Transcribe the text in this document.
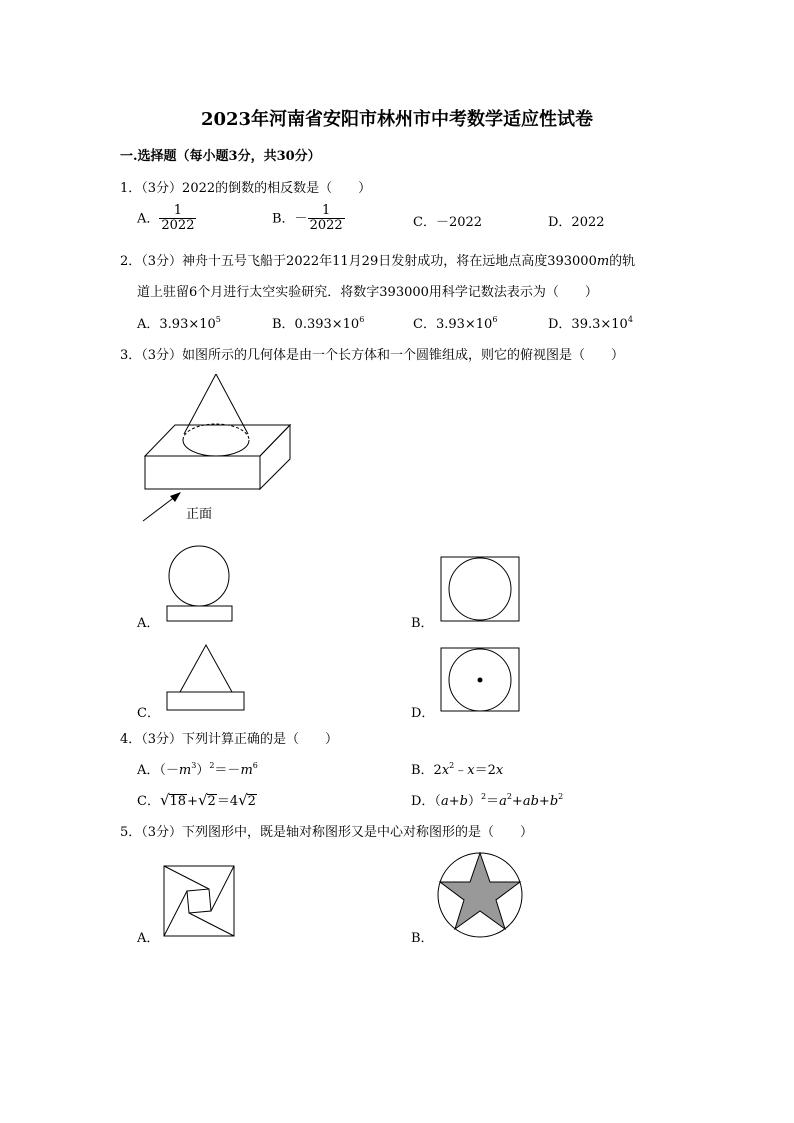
2023年河南省安阳市林州市中考数学适应性试卷
一.选择题（每小题3分，共30分）
1．（3分）2022的倒数的相反数是（　　）
A． $\frac{1}{2022}$	B．－ $\frac{1}{2022}$	C．－2022	D．2022
2．（3分）神舟十五号飞船于2022年11月29日发射成功，将在远地点高度393000m的轨
道上驻留6个月进行太空实验研究．将数字393000用科学记数法表示为（　　）
A．$3.93\times 10^5$	B．$0.393\times 10^6$	C．$3.93\times 10^6$	D．$39.3\times 10^4$
3．（3分）如图所示的几何体是由一个长方体和一个圆锥组成，则它的俯视图是（　　）
正面
A．	B．
C．	D．
4．（3分）下列计算正确的是（　　）
A．$(-m^3)^2=-m^6$	B．$2x^2﹣x=2x$
C．√18+√2＝4√2	D．$(a+b)^2=a^2+ab+b^2$
5．（3分）下列图形中，既是轴对称图形又是中心对称图形的是（　　）
A．	B．
